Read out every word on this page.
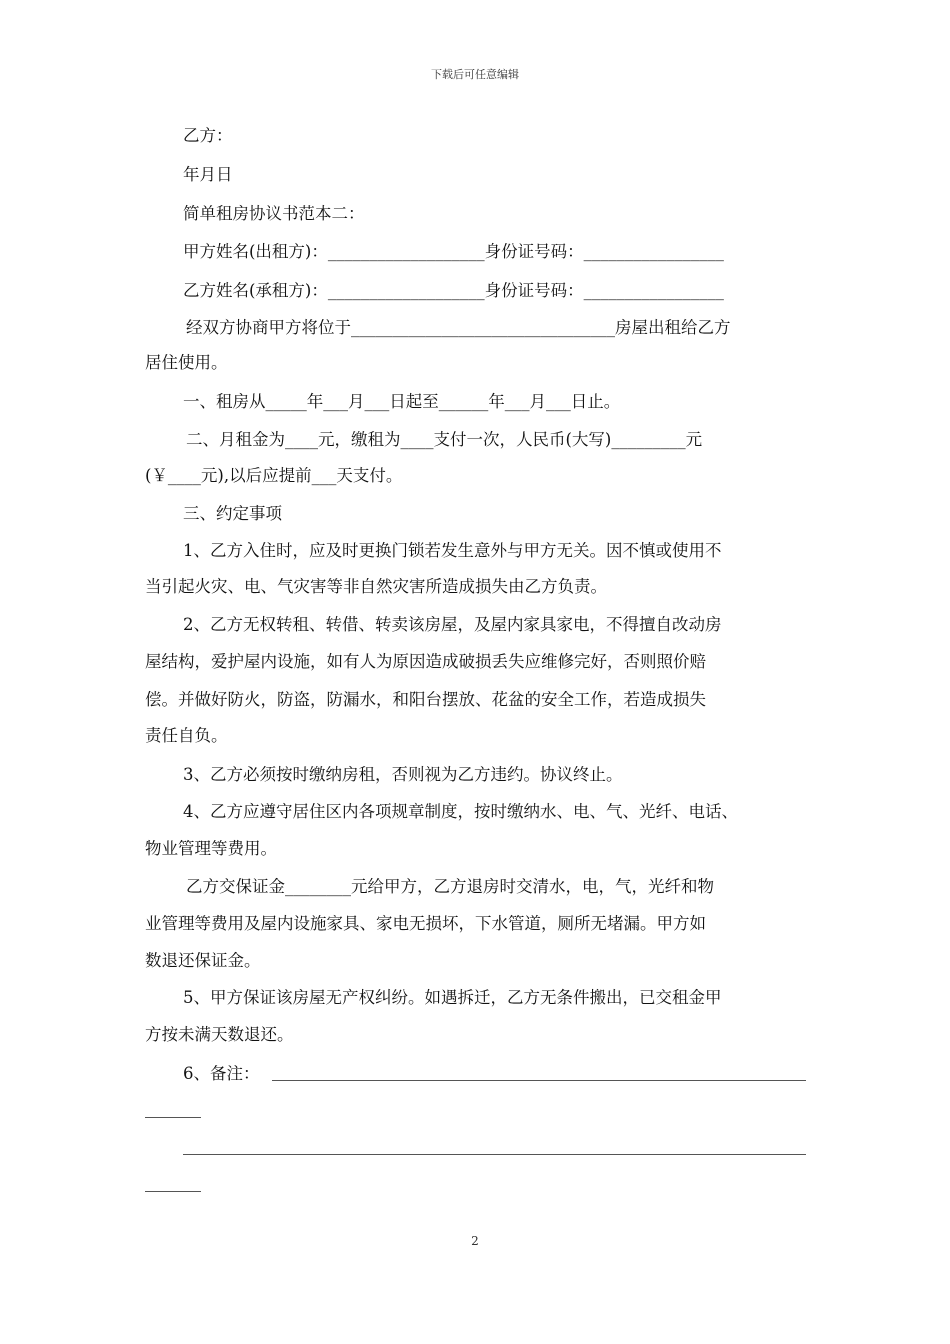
下载后可任意编辑
乙方：
年月日
简单租房协议书范本二：
甲方姓名(出租方)：___________________身份证号码：_________________
乙方姓名(承租方)：___________________身份证号码：_________________
经双方协商甲方将位于________________________________房屋出租给乙方
居住使用。
一、租房从_____年___月___日起至______年___月___日止。
二、月租金为____元，缴租为____支付一次，人民币(大写)_________元
(￥____元),以后应提前___天支付。
三、约定事项
1、乙方入住时，应及时更换门锁若发生意外与甲方无关。因不慎或使用不
当引起火灾、电、气灾害等非自然灾害所造成损失由乙方负责。
2、乙方无权转租、转借、转卖该房屋，及屋内家具家电，不得擅自改动房
屋结构，爱护屋内设施，如有人为原因造成破损丢失应维修完好，否则照价赔
偿。并做好防火，防盗，防漏水，和阳台摆放、花盆的安全工作，若造成损失
责任自负。
3、乙方必须按时缴纳房租，否则视为乙方违约。协议终止。
4、乙方应遵守居住区内各项规章制度，按时缴纳水、电、气、光纤、电话、
物业管理等费用。
乙方交保证金________元给甲方，乙方退房时交清水，电，气，光纤和物
业管理等费用及屋内设施家具、家电无损坏，下水管道，厕所无堵漏。甲方如
数退还保证金。
5、甲方保证该房屋无产权纠纷。如遇拆迁，乙方无条件搬出，已交租金甲
方按未满天数退还。
6、备注：
2
